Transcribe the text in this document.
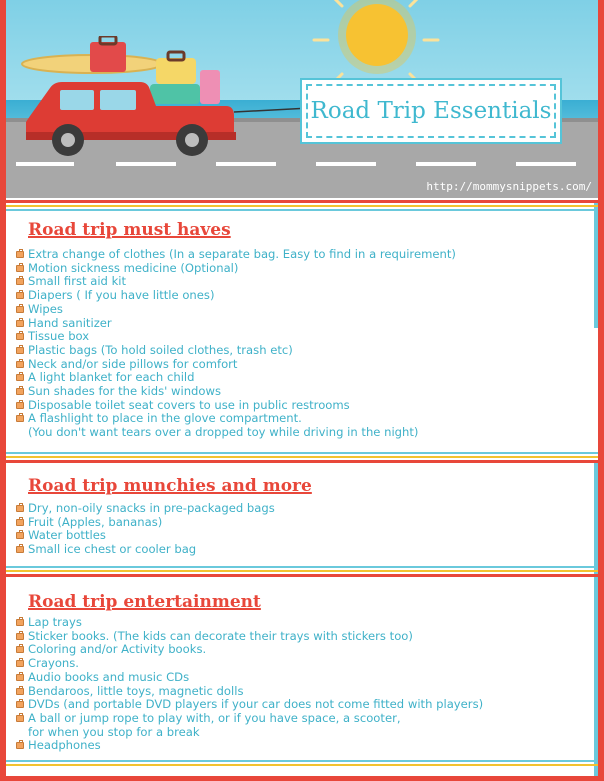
Road Trip Essentials
http://mommysnippets.com/
Road trip must haves
Extra change of clothes (In a separate bag. Easy to find in a requirement)
Motion sickness medicine (Optional)
Small first aid kit
Diapers ( If you have little ones)
Wipes
Hand sanitizer
Tissue box
Plastic bags (To hold soiled clothes, trash etc)
Neck and/or side pillows for comfort
A light blanket for each child
Sun shades for the kids' windows
Disposable toilet seat covers to use in public restrooms
A flashlight to place in the glove compartment.
(You don't want tears over a dropped toy while driving in the night)
Road trip munchies and more
Dry, non-oily snacks in pre-packaged bags
Fruit (Apples, bananas)
Water bottles
Small ice chest or cooler bag
Road trip entertainment
Lap trays
Sticker books. (The kids can decorate their trays with stickers too)
Coloring and/or Activity books.
Crayons.
Audio books and music CDs
Bendaroos, little toys, magnetic dolls
DVDs (and portable DVD players if your car does not come fitted with players)
A ball or jump rope to play with, or if you have space, a scooter,
for when you stop for a break
Headphones
